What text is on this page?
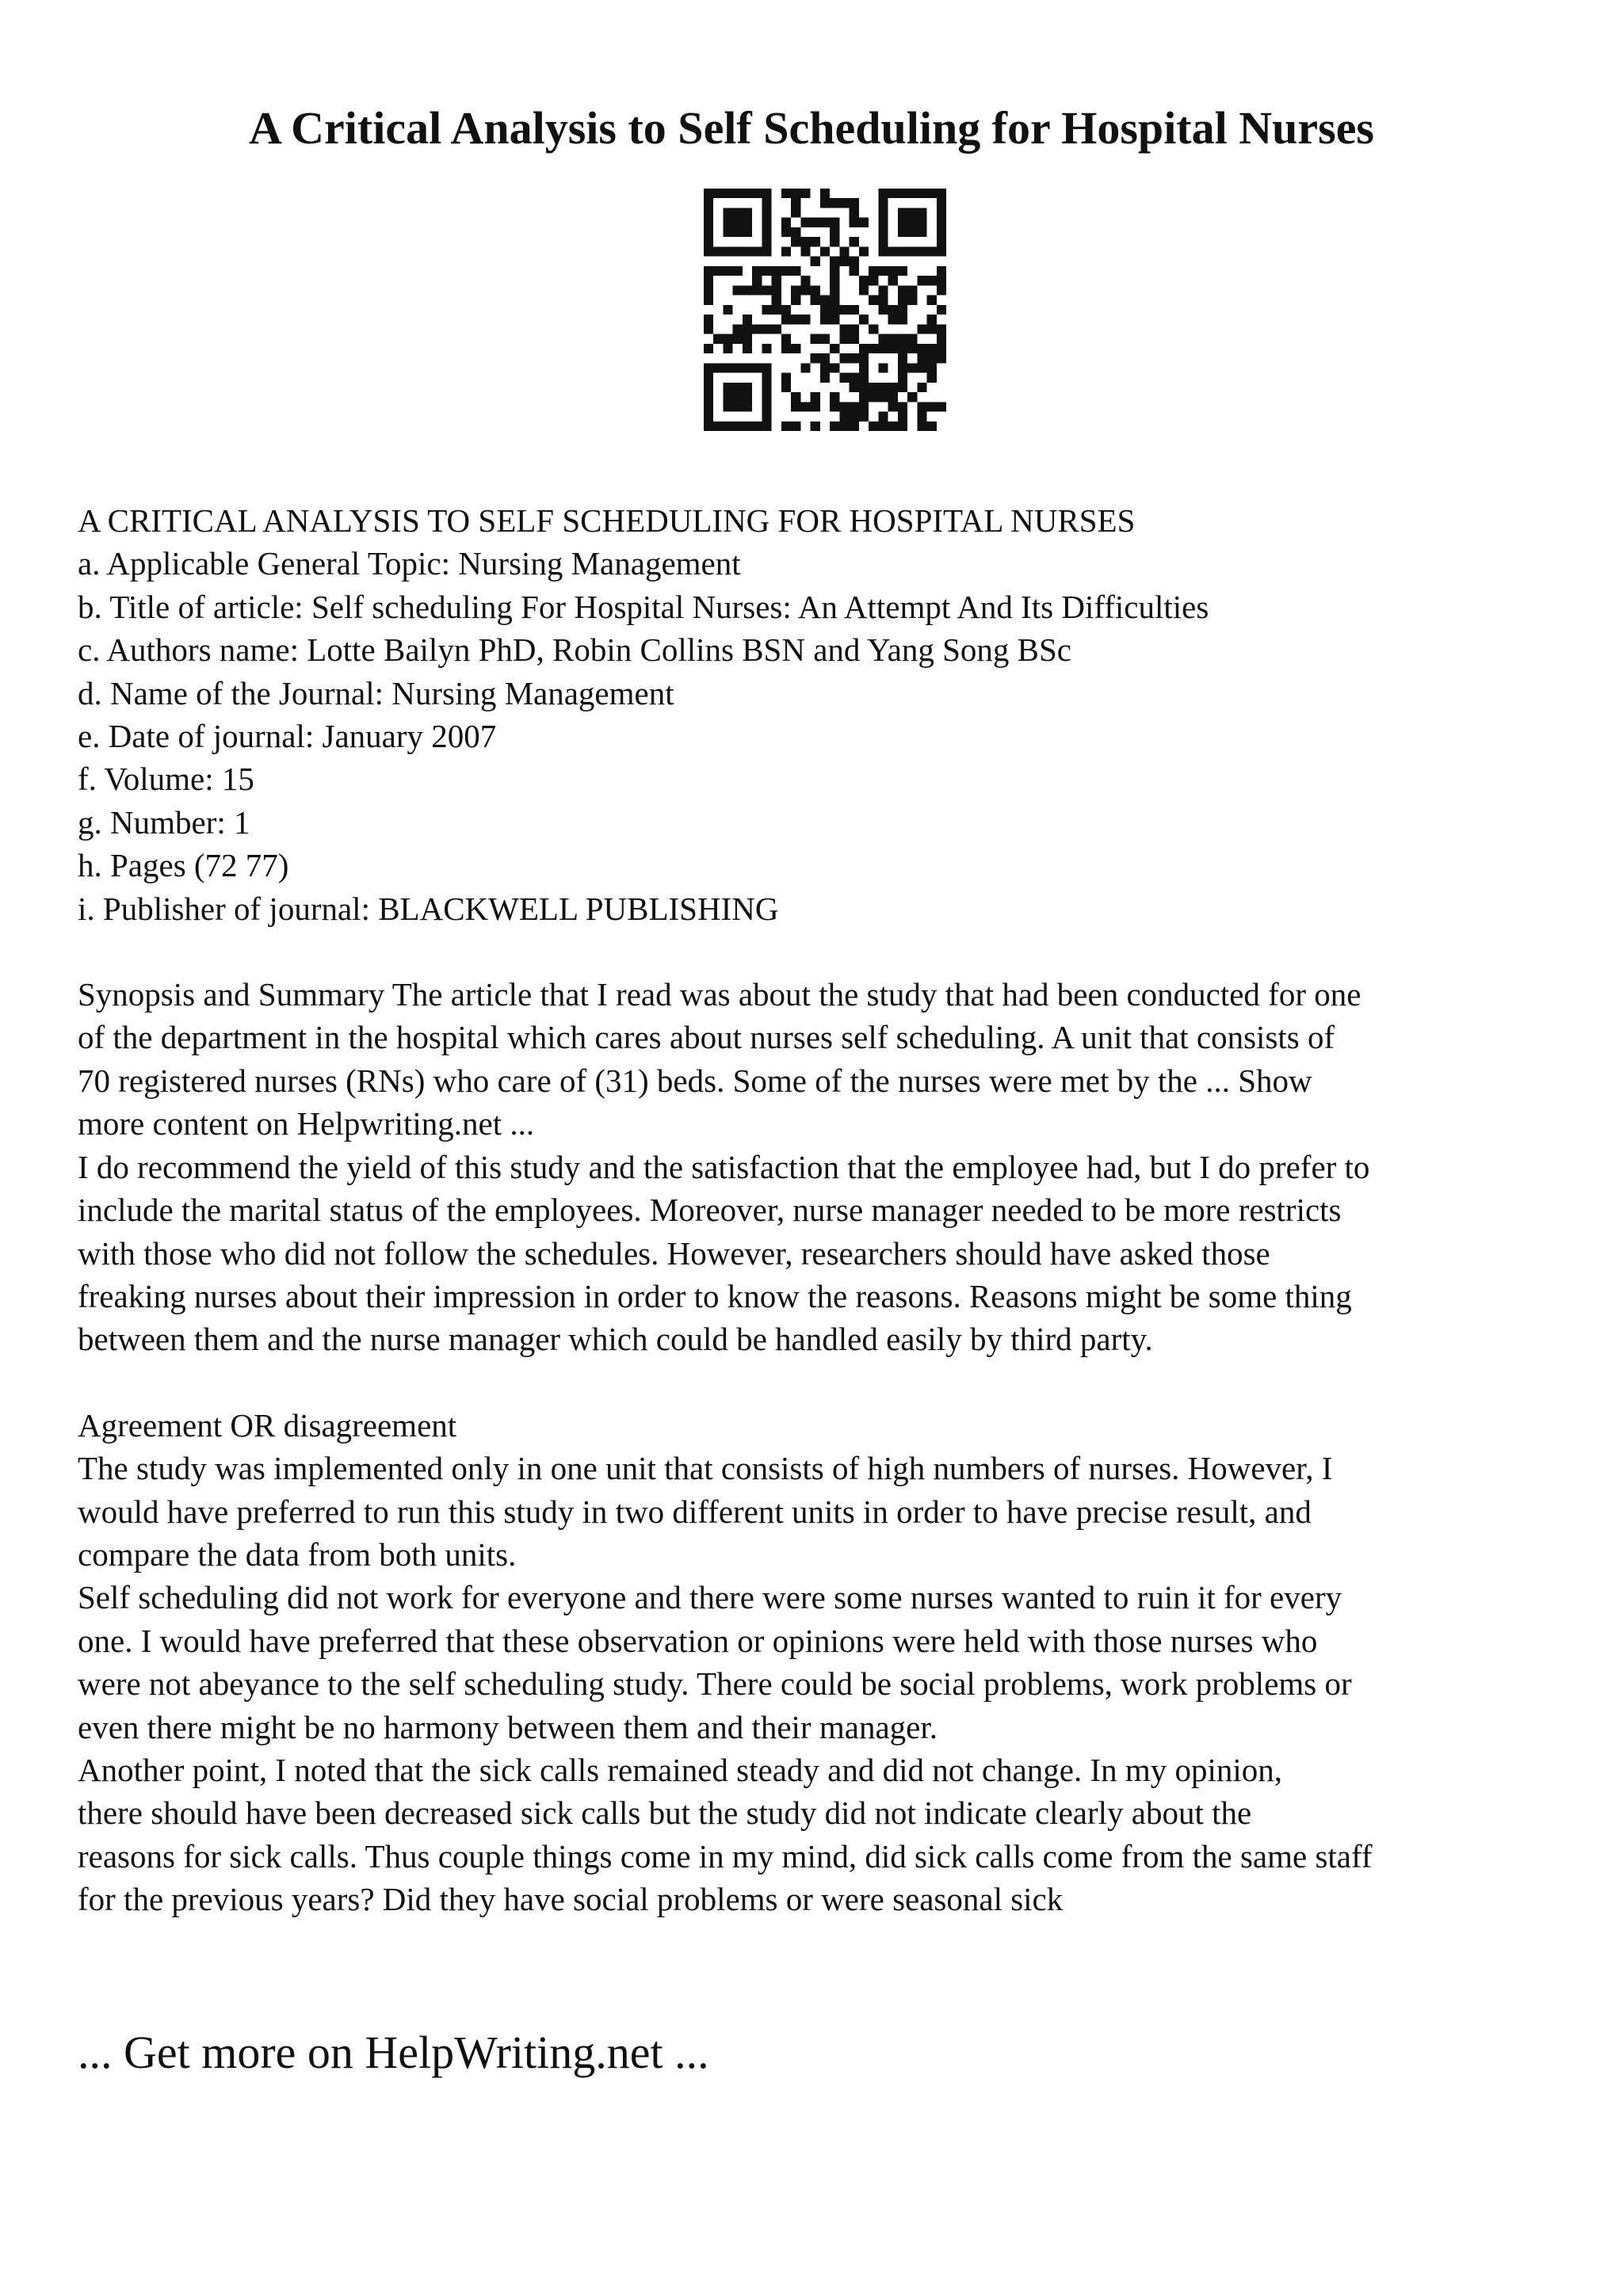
A Critical Analysis to Self Scheduling for Hospital Nurses
A CRITICAL ANALYSIS TO SELF SCHEDULING FOR HOSPITAL NURSES
a. Applicable General Topic: Nursing Management
b. Title of article: Self scheduling For Hospital Nurses: An Attempt And Its Difficulties
c. Authors name: Lotte Bailyn PhD, Robin Collins BSN and Yang Song BSc
d. Name of the Journal: Nursing Management
e. Date of journal: January 2007
f. Volume: 15
g. Number: 1
h. Pages (72 77)
i. Publisher of journal: BLACKWELL PUBLISHING
Synopsis and Summary The article that I read was about the study that had been conducted for one
of the department in the hospital which cares about nurses self scheduling. A unit that consists of
70 registered nurses (RNs) who care of (31) beds. Some of the nurses were met by the ... Show
more content on Helpwriting.net ...
I do recommend the yield of this study and the satisfaction that the employee had, but I do prefer to
include the marital status of the employees. Moreover, nurse manager needed to be more restricts
with those who did not follow the schedules. However, researchers should have asked those
freaking nurses about their impression in order to know the reasons. Reasons might be some thing
between them and the nurse manager which could be handled easily by third party.
Agreement OR disagreement
The study was implemented only in one unit that consists of high numbers of nurses. However, I
would have preferred to run this study in two different units in order to have precise result, and
compare the data from both units.
Self scheduling did not work for everyone and there were some nurses wanted to ruin it for every
one. I would have preferred that these observation or opinions were held with those nurses who
were not abeyance to the self scheduling study. There could be social problems, work problems or
even there might be no harmony between them and their manager.
Another point, I noted that the sick calls remained steady and did not change. In my opinion,
there should have been decreased sick calls but the study did not indicate clearly about the
reasons for sick calls. Thus couple things come in my mind, did sick calls come from the same staff
for the previous years? Did they have social problems or were seasonal sick
... Get more on HelpWriting.net ...
